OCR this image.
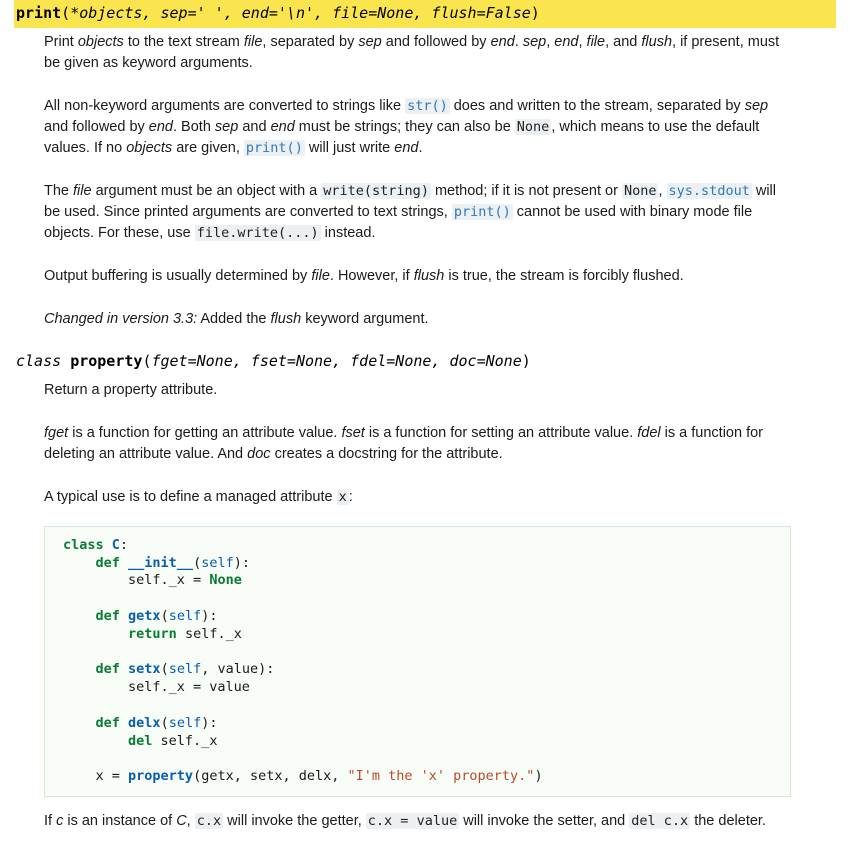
print(*objects, sep=' ', end='\n', file=None, flush=False)

Print objects to the text stream file, separated by sep and followed by end. sep, end, file, and flush, if present, must be given as keyword arguments.

All non-keyword arguments are converted to strings like str() does and written to the stream, separated by sep and followed by end. Both sep and end must be strings; they can also be None , which means to use the default values. If no objects are given, print() will just write end.

The file argument must be an object with a write(string) method; if it is not present or None , sys.stdout will be used. Since printed arguments are converted to text strings, print() cannot be used with binary mode file objects. For these, use file.write(...) instead.

Output buffering is usually determined by file. However, if flush is true, the stream is forcibly flushed.

Changed in version 3.3: Added the flush keyword argument.

class property(fget=None, fset=None, fdel=None, doc=None)

Return a property attribute.

fget is a function for getting an attribute value. fset is a function for setting an attribute value. fdel is a function for deleting an attribute value. And doc creates a docstring for the attribute.

A typical use is to define a managed attribute x :

class C:
def __init__(self):
self._x = None

def getx(self):
return self._x

def setx(self, value):
self._x = value

def delx(self):
del self._x

x = property(getx, setx, delx, "I'm the 'x' property.")

If c is an instance of C, c.x will invoke the getter, c.x = value will invoke the setter, and del c.x the deleter.
